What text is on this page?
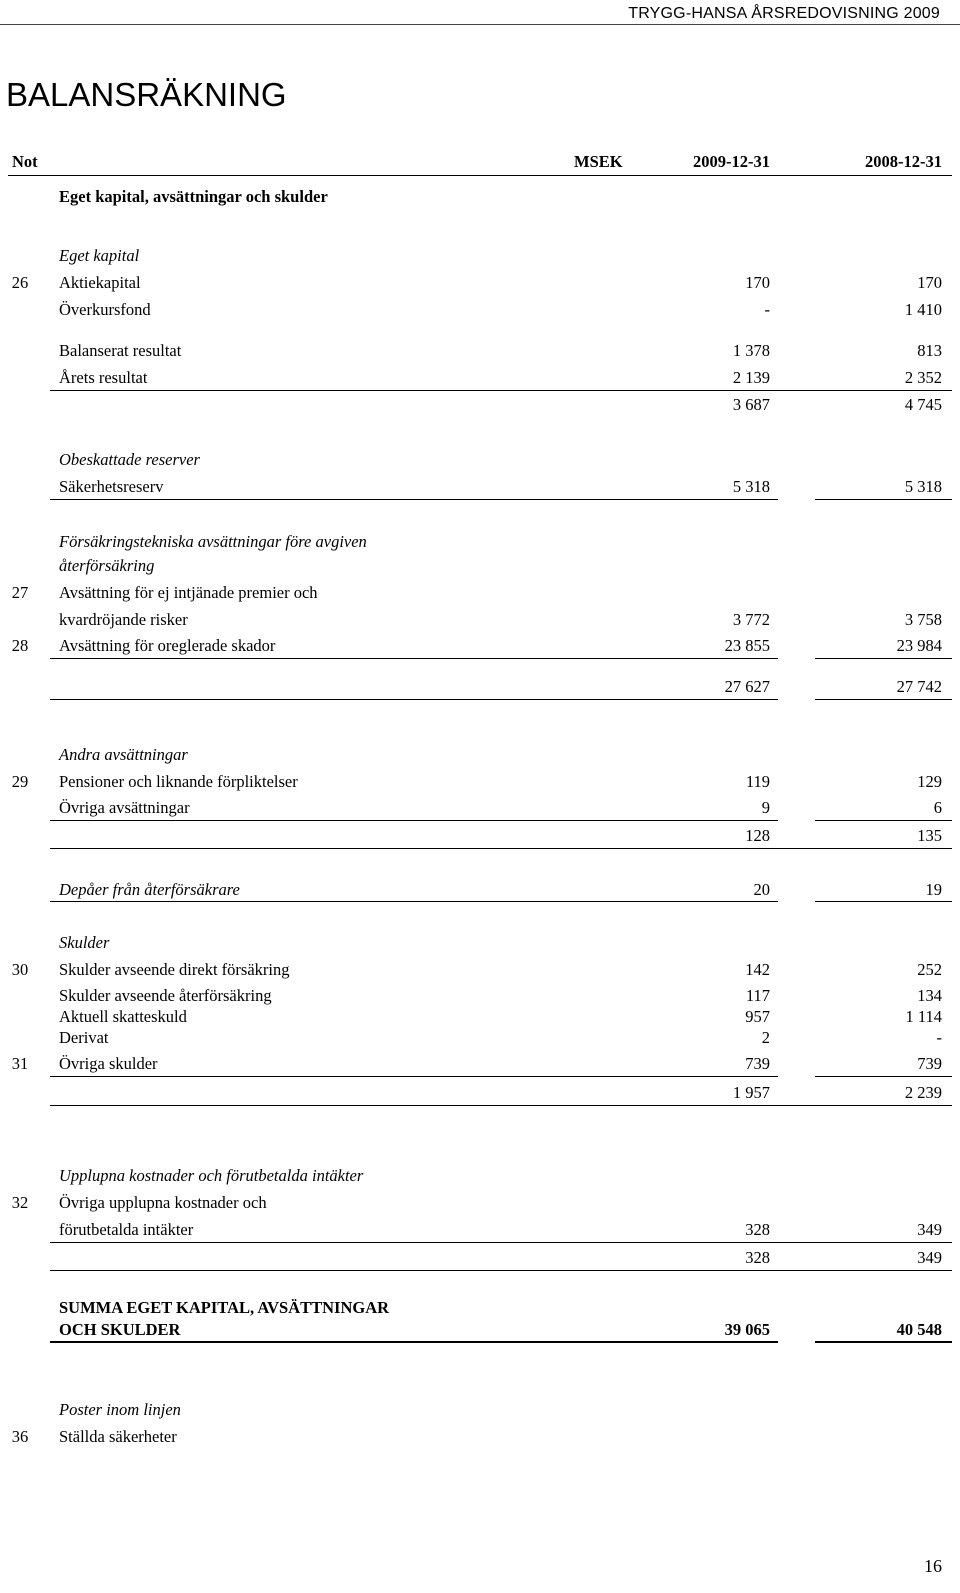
TRYGG-HANSA ÅRSREDOVISNING 2009
BALANSRÄKNING
Not	MSEK	2009-12-31	2008-12-31
Eget kapital, avsättningar och skulder
Eget kapital
26	Aktiekapital	170	170
Överkursfond	-	1 410
Balanserat resultat	1 378	813
Årets resultat	2 139	2 352
3 687	4 745
Obeskattade reserver
Säkerhetsreserv	5 318	5 318
Försäkringstekniska avsättningar före avgiven
återförsäkring
27	Avsättning för ej intjänade premier och
kvardröjande risker	3 772	3 758
28	Avsättning för oreglerade skador	23 855	23 984
27 627	27 742
Andra avsättningar
29	Pensioner och liknande förpliktelser	119	129
Övriga avsättningar	9	6
128	135
Depåer från återförsäkrare	20	19
Skulder
30	Skulder avseende direkt försäkring	142	252
Skulder avseende återförsäkring	117	134
Aktuell skatteskuld	957	1 114
Derivat	2	-
31	Övriga skulder	739	739
1 957	2 239
Upplupna kostnader och förutbetalda intäkter
32	Övriga upplupna kostnader och
förutbetalda intäkter	328	349
328	349
SUMMA EGET KAPITAL, AVSÄTTNINGAR
OCH SKULDER	39 065	40 548
Poster inom linjen
36	Ställda säkerheter
16
